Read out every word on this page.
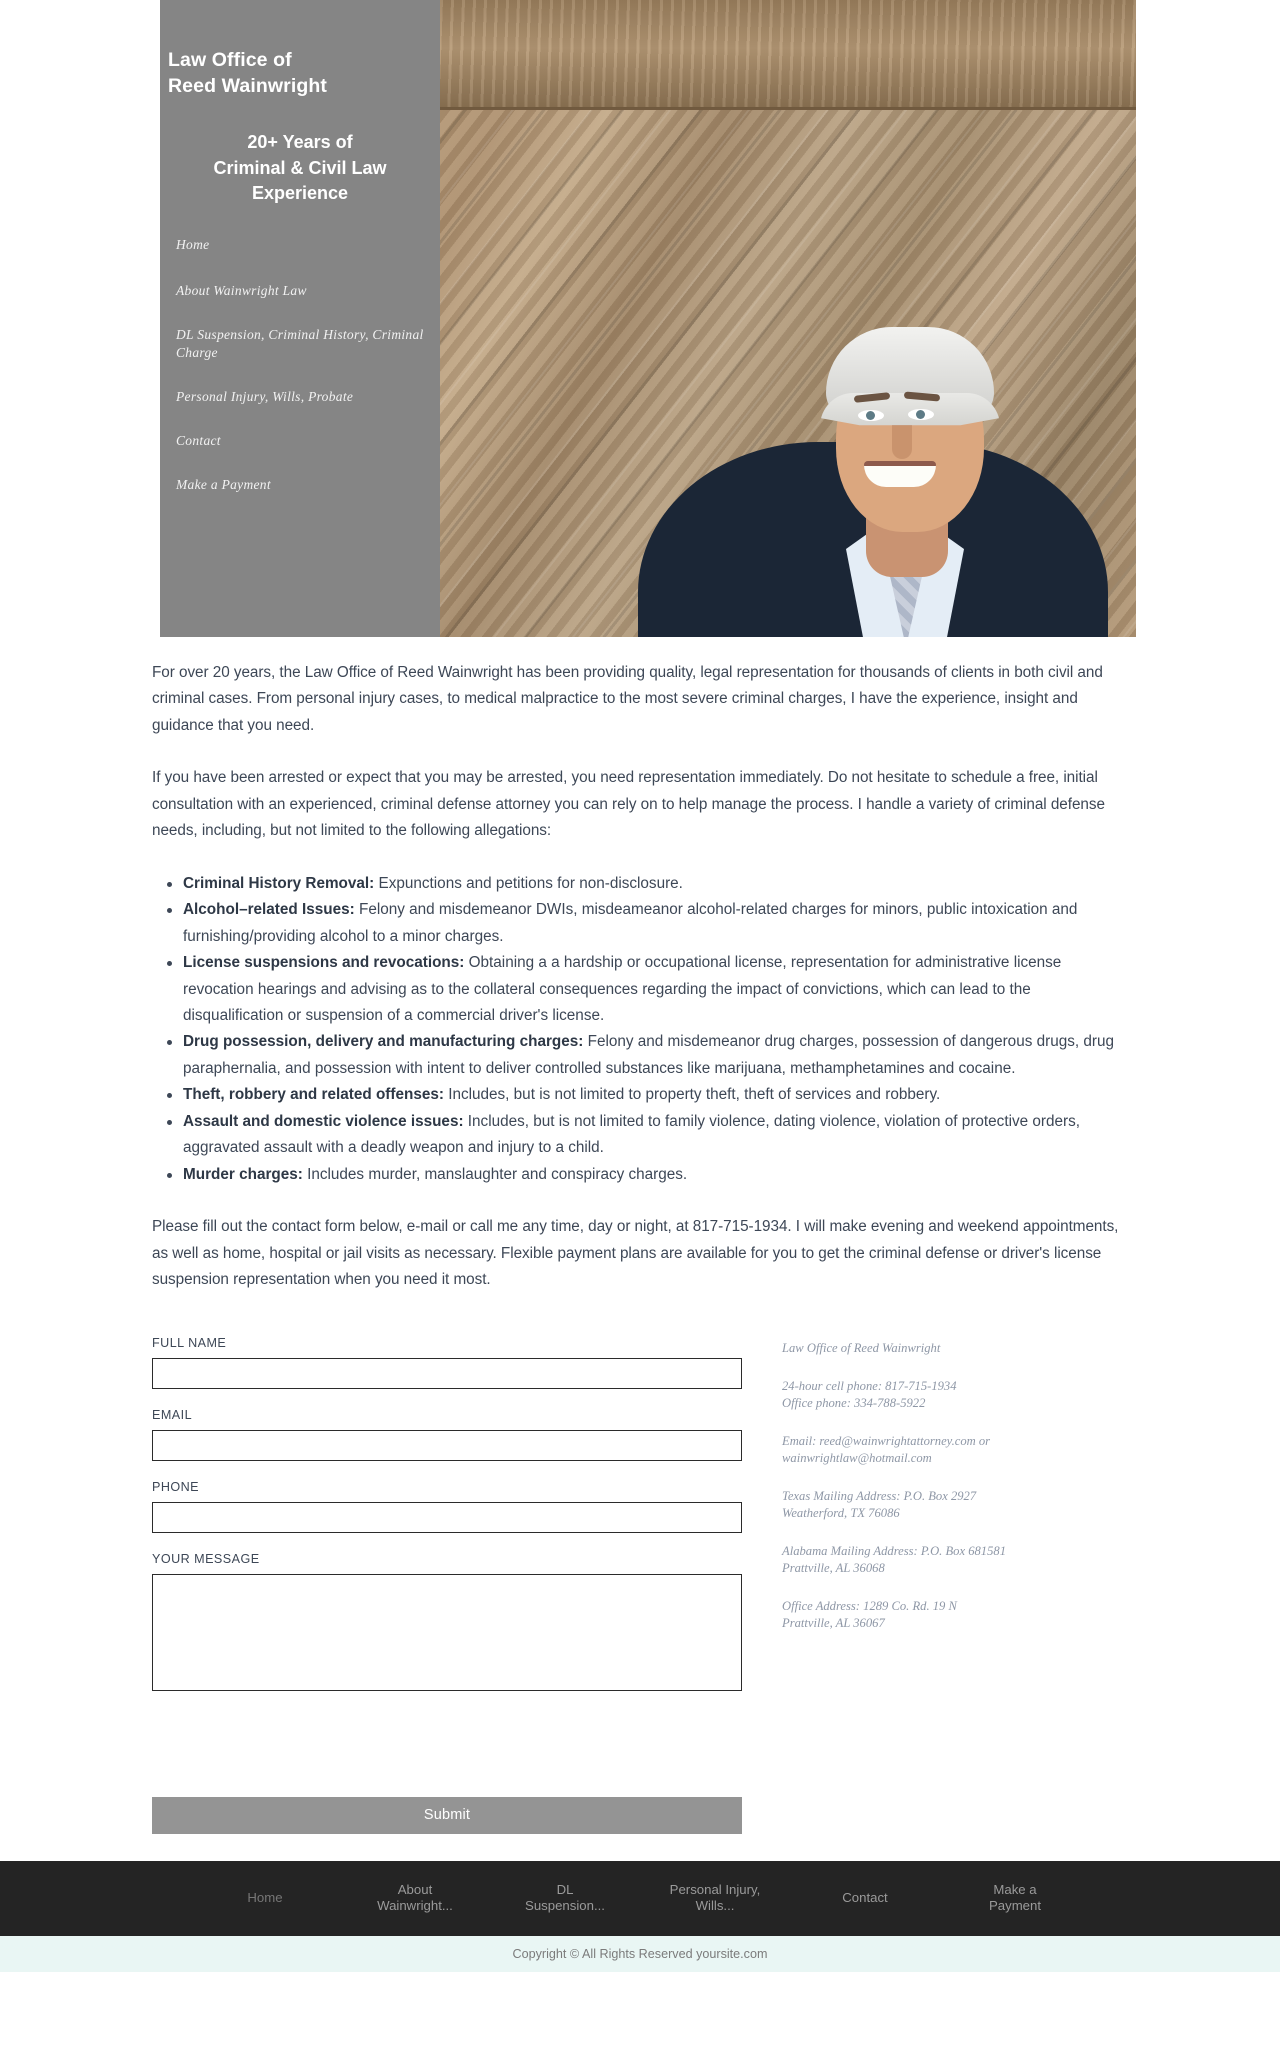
Law Office of
Reed Wainwright
20+ Years of
Criminal & Civil Law
Experience
Home
About Wainwright Law
DL Suspension, Criminal History, Criminal Charge
Personal Injury, Wills, Probate
Contact
Make a Payment

For over 20 years, the Law Office of Reed Wainwright has been providing quality, legal representation for thousands of clients in both civil and criminal cases. From personal injury cases, to medical malpractice to the most severe criminal charges, I have the experience, insight and guidance that you need.

If you have been arrested or expect that you may be arrested, you need representation immediately. Do not hesitate to schedule a free, initial consultation with an experienced, criminal defense attorney you can rely on to help manage the process. I handle a variety of criminal defense needs, including, but not limited to the following allegations:

Criminal History Removal: Expunctions and petitions for non-disclosure.
Alcohol–related Issues: Felony and misdemeanor DWIs, misdeameanor alcohol-related charges for minors, public intoxication and furnishing/providing alcohol to a minor charges.
License suspensions and revocations: Obtaining a a hardship or occupational license, representation for administrative license revocation hearings and advising as to the collateral consequences regarding the impact of convictions, which can lead to the disqualification or suspension of a commercial driver's license.
Drug possession, delivery and manufacturing charges: Felony and misdemeanor drug charges, possession of dangerous drugs, drug paraphernalia, and possession with intent to deliver controlled substances like marijuana, methamphetamines and cocaine.
Theft, robbery and related offenses: Includes, but is not limited to property theft, theft of services and robbery.
Assault and domestic violence issues: Includes, but is not limited to family violence, dating violence, violation of protective orders, aggravated assault with a deadly weapon and injury to a child.
Murder charges: Includes murder, manslaughter and conspiracy charges.

Please fill out the contact form below, e-mail or call me any time, day or night, at 817-715-1934. I will make evening and weekend appointments, as well as home, hospital or jail visits as necessary. Flexible payment plans are available for you to get the criminal defense or driver's license suspension representation when you need it most.

FULL NAME
EMAIL
PHONE
YOUR MESSAGE
Submit

Law Office of Reed Wainwright

24-hour cell phone: 817-715-1934
Office phone: 334-788-5922

Email: reed@wainwrightattorney.com or
wainwrightlaw@hotmail.com

Texas Mailing Address: P.O. Box 2927
Weatherford, TX 76086

Alabama Mailing Address: P.O. Box 681581
Prattville, AL 36068

Office Address: 1289 Co. Rd. 19 N
Prattville, AL 36067

Home
About Wainwright...
DL Suspension...
Personal Injury, Wills...
Contact
Make a Payment
Copyright © All Rights Reserved yoursite.com
